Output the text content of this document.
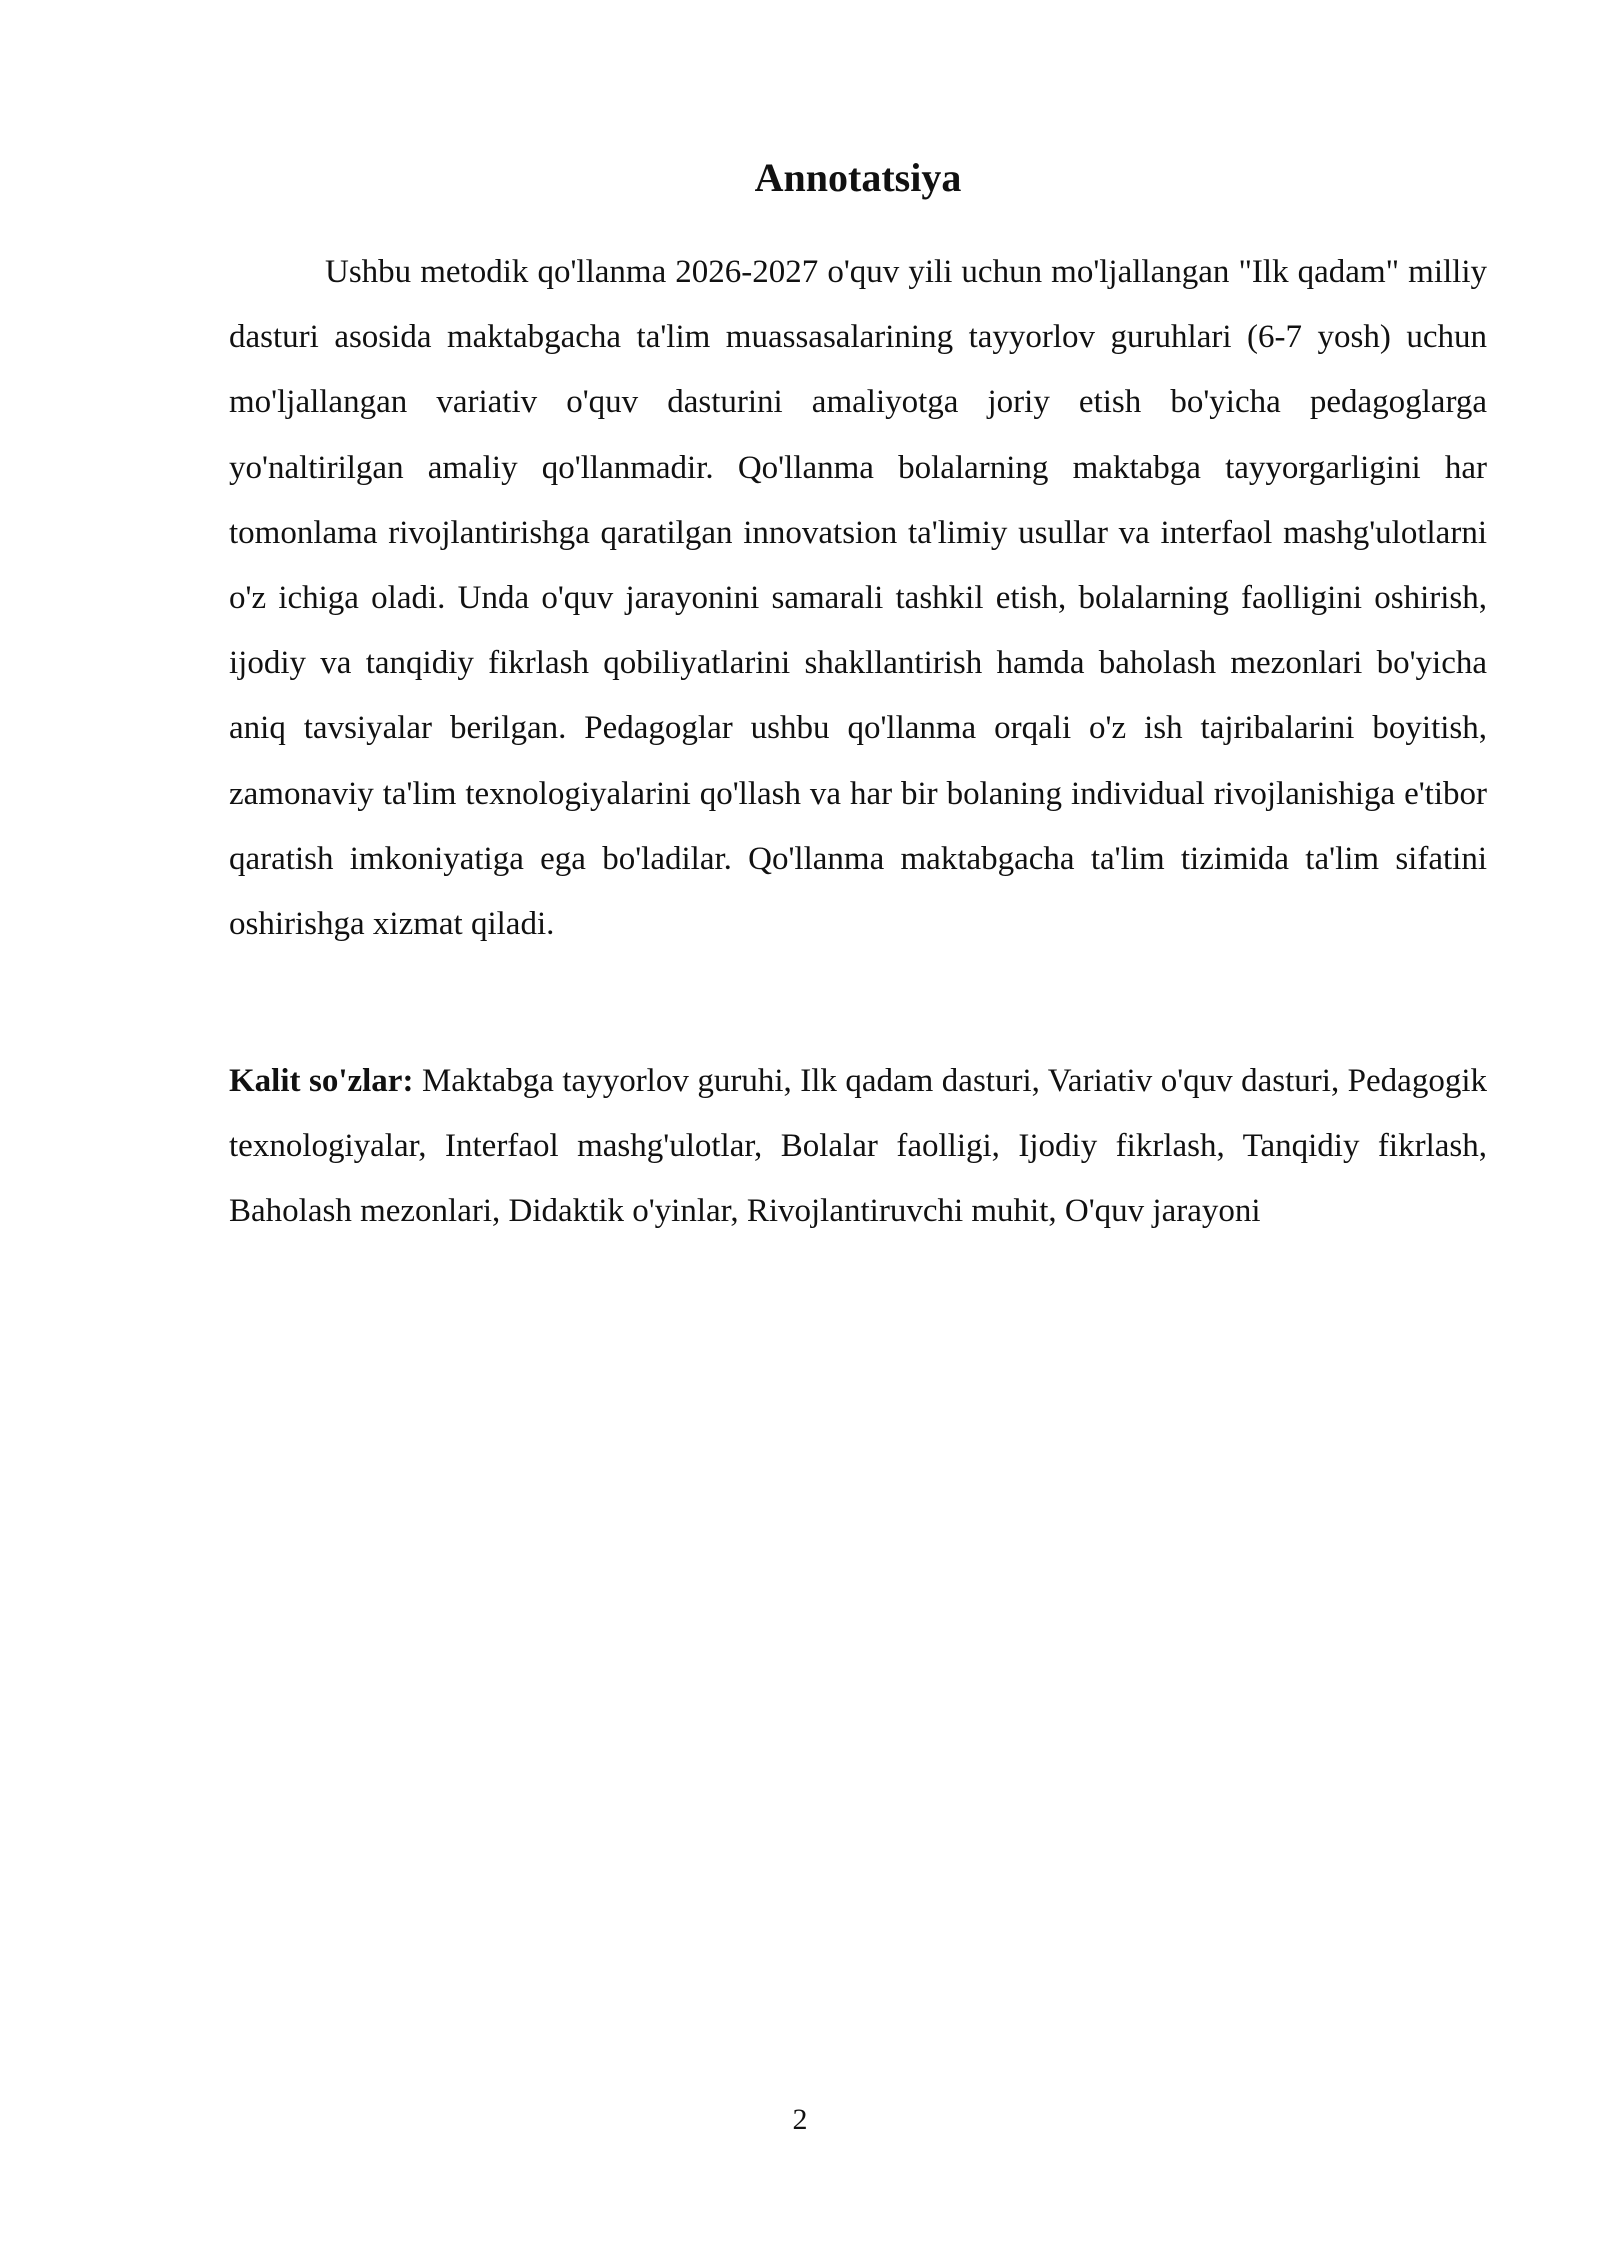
Annotatsiya

Ushbu metodik qo'llanma 2026-2027 o'quv yili uchun mo'ljallangan "Ilk qadam" milliy dasturi asosida maktabgacha ta'lim muassasalarining tayyorlov guruhlari (6-7 yosh) uchun mo'ljallangan variativ o'quv dasturini amaliyotga joriy etish bo'yicha pedagoglarga yo'naltirilgan amaliy qo'llanmadir. Qo'llanma bolalarning maktabga tayyorgarligini har tomonlama rivojlantirishga qaratilgan innovatsion ta'limiy usullar va interfaol mashg'ulotlarni o'z ichiga oladi. Unda o'quv jarayonini samarali tashkil etish, bolalarning faolligini oshirish, ijodiy va tanqidiy fikrlash qobiliyatlarini shakllantirish hamda baholash mezonlari bo'yicha aniq tavsiyalar berilgan. Pedagoglar ushbu qo'llanma orqali o'z ish tajribalarini boyitish, zamonaviy ta'lim texnologiyalarini qo'llash va har bir bolaning individual rivojlanishiga e'tibor qaratish imkoniyatiga ega bo'ladilar. Qo'llanma maktabgacha ta'lim tizimida ta'lim sifatini oshirishga xizmat qiladi.

Kalit so'zlar: Maktabga tayyorlov guruhi, Ilk qadam dasturi, Variativ o'quv dasturi, Pedagogik texnologiyalar, Interfaol mashg'ulotlar, Bolalar faolligi, Ijodiy fikrlash, Tanqidiy fikrlash, Baholash mezonlari, Didaktik o'yinlar, Rivojlantiruvchi muhit, O'quv jarayoni

2
